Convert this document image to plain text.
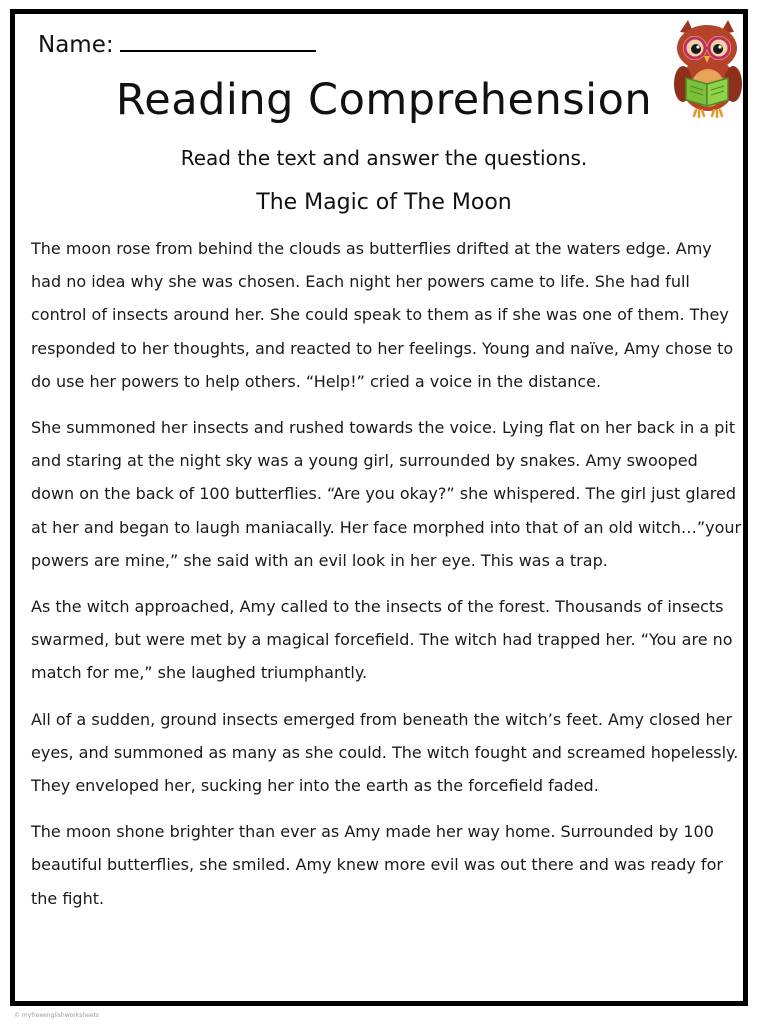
Name:
Reading Comprehension
Read the text and answer the questions.
The Magic of The Moon

The moon rose from behind the clouds as butterflies drifted at the waters edge. Amy had no idea why she was chosen. Each night her powers came to life. She had full control of insects around her. She could speak to them as if she was one of them. They responded to her thoughts, and reacted to her feelings. Young and naïve, Amy chose to do use her powers to help others. “Help!” cried a voice in the distance.

She summoned her insects and rushed towards the voice. Lying flat on her back in a pit and staring at the night sky was a young girl, surrounded by snakes. Amy swooped down on the back of 100 butterflies. “Are you okay?” she whispered. The girl just glared at her and began to laugh maniacally. Her face morphed into that of an old witch…”your powers are mine,” she said with an evil look in her eye. This was a trap.

As the witch approached, Amy called to the insects of the forest. Thousands of insects swarmed, but were met by a magical forcefield. The witch had trapped her. “You are no match for me,” she laughed triumphantly.

All of a sudden, ground insects emerged from beneath the witch’s feet. Amy closed her eyes, and summoned as many as she could. The witch fought and screamed hopelessly. They enveloped her, sucking her into the earth as the forcefield faded.

The moon shone brighter than ever as Amy made her way home. Surrounded by 100 beautiful butterflies, she smiled. Amy knew more evil was out there and was ready for the fight.

© myfreeenglishworksheets
